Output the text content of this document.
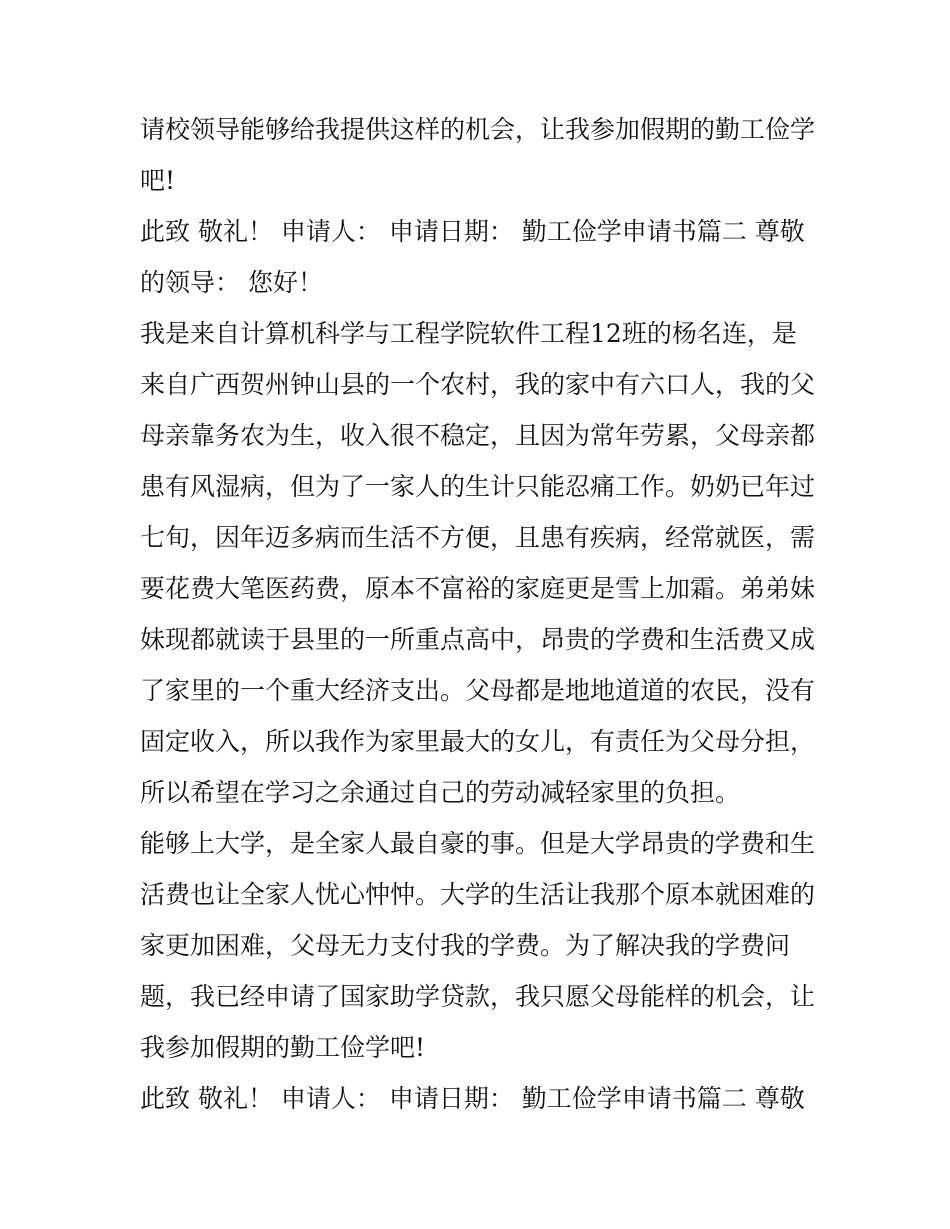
请校领导能够给我提供这样的机会，让我参加假期的勤工俭学
吧!
此致 敬礼！ 申请人： 申请日期： 勤工俭学申请书篇二 尊敬
的领导： 您好！
我是来自计算机科学与工程学院软件工程12班的杨名连，是
来自广西贺州钟山县的一个农村，我的家中有六口人，我的父
母亲靠务农为生，收入很不稳定，且因为常年劳累，父母亲都
患有风湿病，但为了一家人的生计只能忍痛工作。奶奶已年过
七旬，因年迈多病而生活不方便，且患有疾病，经常就医，需
要花费大笔医药费，原本不富裕的家庭更是雪上加霜。弟弟妹
妹现都就读于县里的一所重点高中，昂贵的学费和生活费又成
了家里的一个重大经济支出。父母都是地地道道的农民，没有
固定收入，所以我作为家里最大的女儿，有责任为父母分担，
所以希望在学习之余通过自己的劳动减轻家里的负担。
能够上大学，是全家人最自豪的事。但是大学昂贵的学费和生
活费也让全家人忧心忡忡。大学的生活让我那个原本就困难的
家更加困难，父母无力支付我的学费。为了解决我的学费问
题，我已经申请了国家助学贷款，我只愿父母能样的机会，让
我参加假期的勤工俭学吧!
此致 敬礼！ 申请人： 申请日期： 勤工俭学申请书篇二 尊敬
